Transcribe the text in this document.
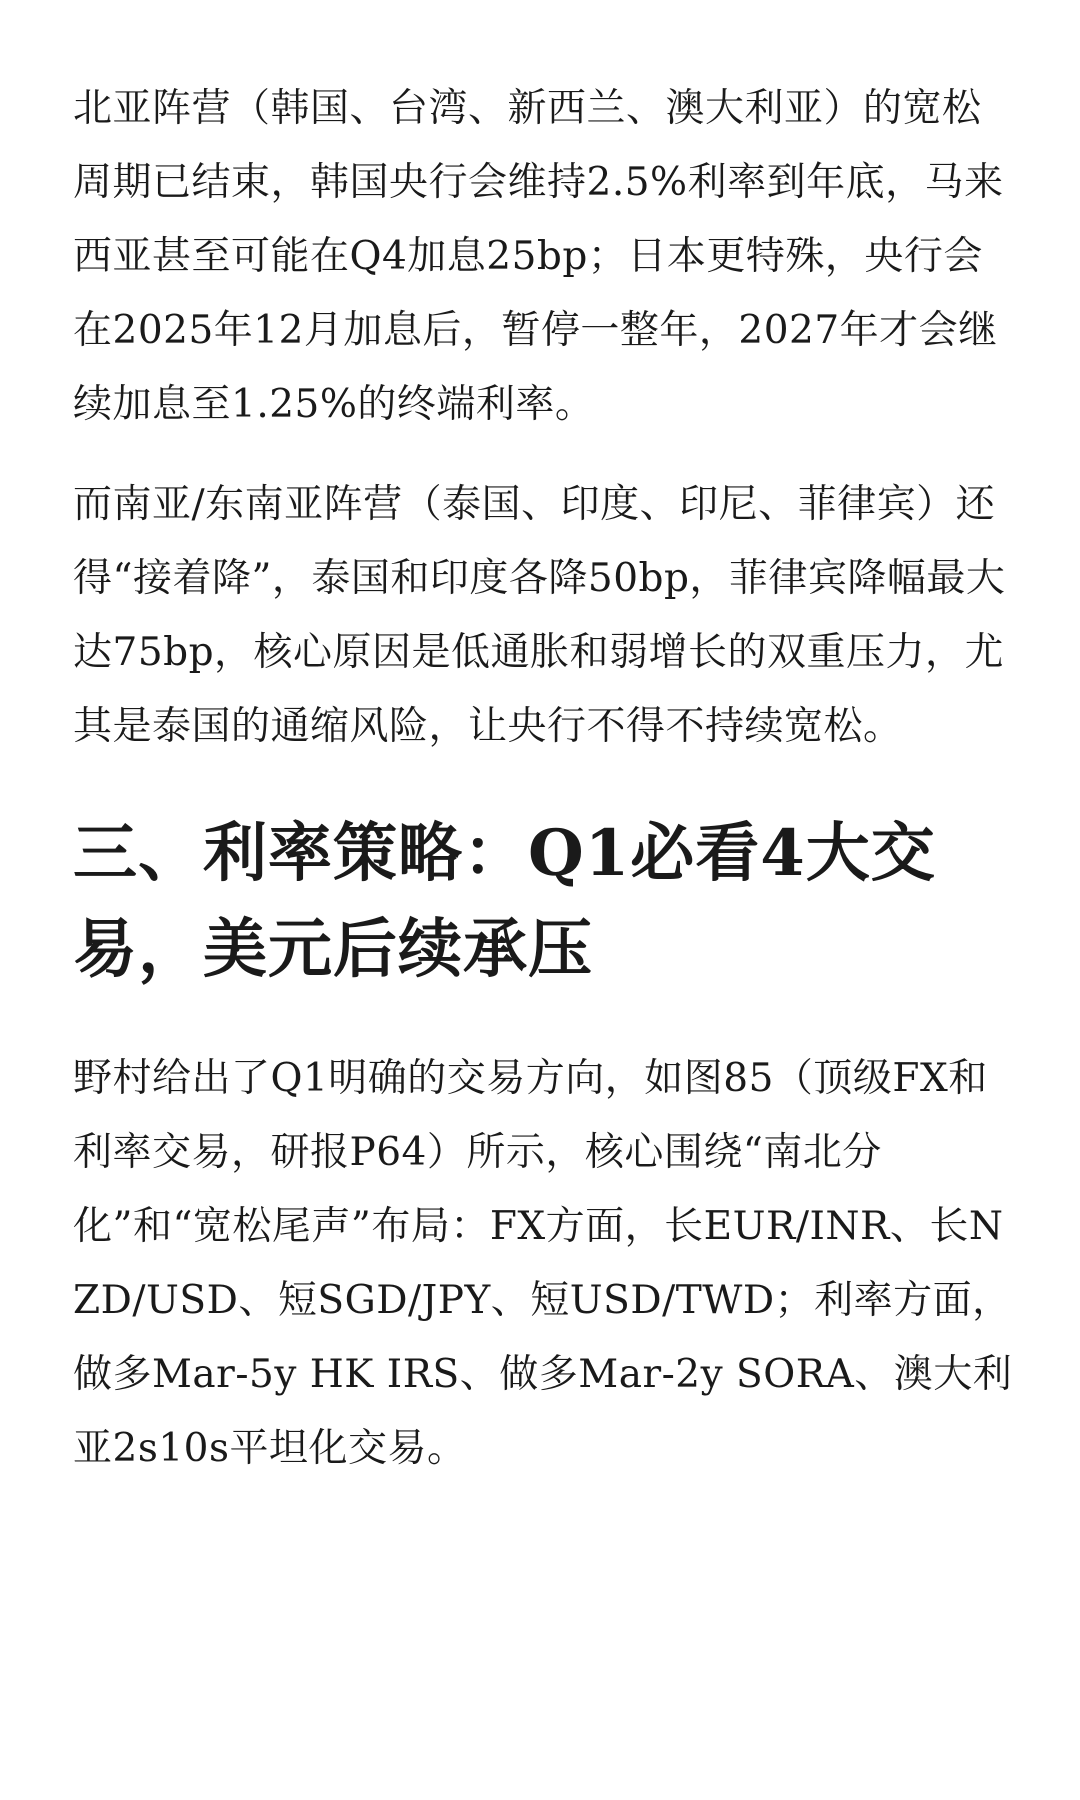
北亚阵营（韩国、台湾、新西兰、澳大利亚）的宽松周期已结束，韩国央行会维持2.5%利率到年底，马来西亚甚至可能在Q4加息25bp；日本更特殊，央行会在2025年12月加息后，暂停一整年，2027年才会继续加息至1.25%的终端利率。

而南亚/东南亚阵营（泰国、印度、印尼、菲律宾）还得“接着降”，泰国和印度各降50bp，菲律宾降幅最大达75bp，核心原因是低通胀和弱增长的双重压力，尤其是泰国的通缩风险，让央行不得不持续宽松。

三、利率策略：Q1必看4大交易，美元后续承压

野村给出了Q1明确的交易方向，如图85（顶级FX和利率交易，研报P64）所示，核心围绕“南北分化”和“宽松尾声”布局：FX方面，长EUR/INR、长NZD/USD、短SGD/JPY、短USD/TWD；利率方面，做多Mar-5y HK IRS、做多Mar-2y SORA、澳大利亚2s10s平坦化交易。
